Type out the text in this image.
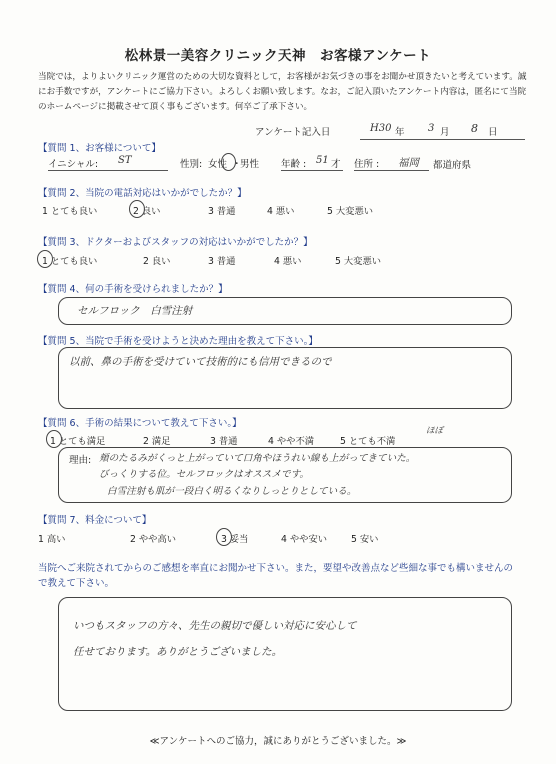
松林景一美容クリニック天神　お客様アンケート
当院では，よりよいクリニック運営のための大切な資料として，お客様がお気づきの事をお聞かせ頂きたいと考えています。誠にお手数ですが，アンケートにご協力下さい。よろしくお願い致します。なお，ご記入頂いたアンケート内容は，匿名にて当院のホームページに掲載させて頂く事もございます。何卒ご了承下さい。
アンケート記入日	H30 年 3 月 8 日
【質問 1、お客様について】
イニシャル: ST	性別: 女性 ・
男性 年齢 : 51 才 住所 : 福岡 都道府県
【質問 2、当院の電話対応はいかがでしたか？】
1 とても良い	2 良い	3 普通	4 悪い	5 大変悪い
【質問 3、ドクターおよびスタッフの対応はいかがでしたか？】
1 とても良い	2 良い	3 普通	4 悪い	5 大変悪い
【質問 4、何の手術を受けられましたか？】
セルフロック　白雪注射
【質問 5、当院で手術を受けようと決めた理由を教えて下さい。】
以前、鼻の手術を受けていて技術的にも信用できるので
【質問 6、手術の結果について教えて下さい。】
1 とても満足	2 満足	3 普通	4 やや不満	5 とても不満
ほぼ
理由: 頬のたるみがくっと上がっていて口角やほうれい線も上がってきていた。
びっくりする位。セルフロックはオススメです。
白雪注射も肌が一段白く明るくなりしっとりとしている。
【質問 7、料金について】
1 高い	2 やや高い	3 妥当	4 やや安い	5 安い
当院へご来院されてからのご感想を率直にお聞かせ下さい。また，要望や改善点など些細な事でも構いませんので教えて下さい。
いつもスタッフの方々、先生の親切で優しい対応に安心して
任せております。ありがとうございました。
≪アンケートへのご協力，誠にありがとうございました。≫
